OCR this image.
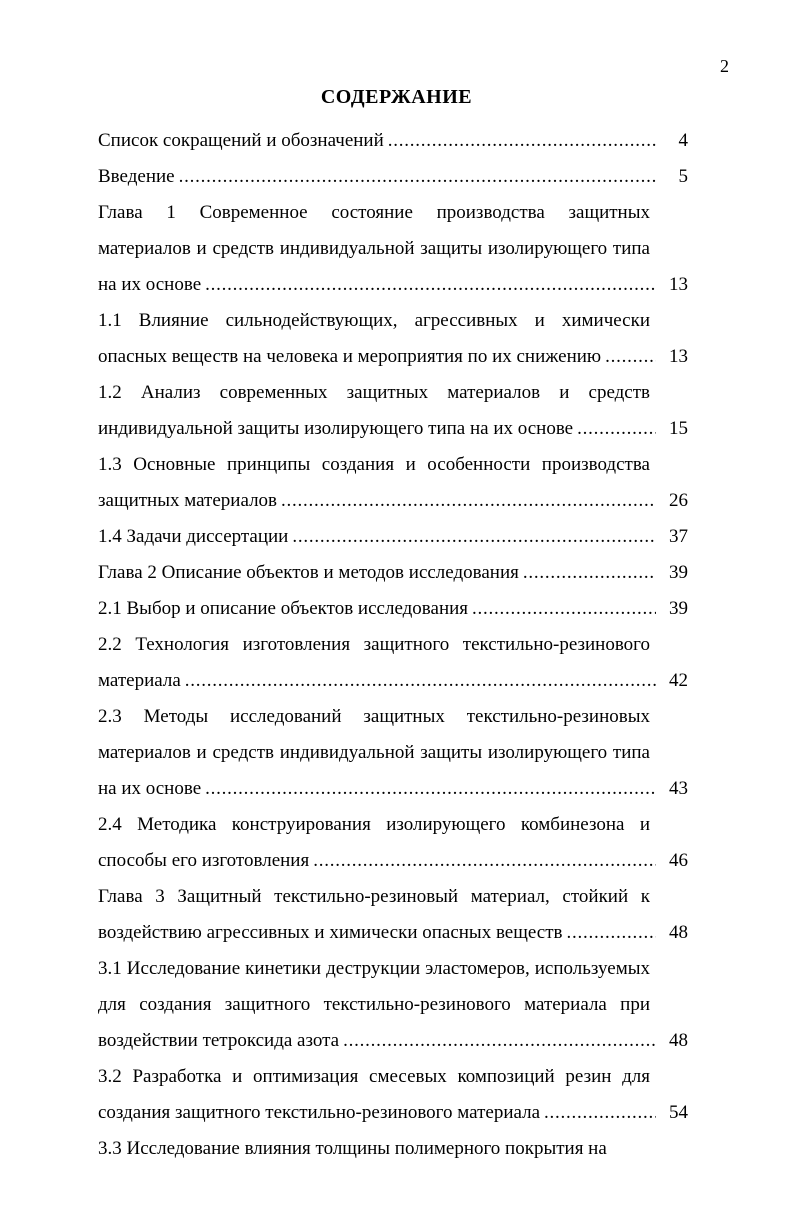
2
СОДЕРЖАНИЕ
Список сокращений и обозначений . . .	4
Введение . . .	5
Глава 1 Современное состояние производства защитных
материалов и средств индивидуальной защиты изолирующего типа
на их основе . . .	13
1.1 Влияние сильнодействующих, агрессивных и химически
опасных веществ на человека и мероприятия по их снижению . . .	13
1.2 Анализ современных защитных материалов и средств
индивидуальной защиты изолирующего типа на их основе . . .	15
1.3 Основные принципы создания и особенности производства
защитных материалов . . .	26
1.4 Задачи диссертации . . .	37
Глава 2 Описание объектов и методов исследования . . .	39
2.1 Выбор и описание объектов исследования . . .	39
2.2 Технология изготовления защитного текстильно-резинового
материала . . .	42
2.3 Методы исследований защитных текстильно-резиновых
материалов и средств индивидуальной защиты изолирующего типа
на их основе . . .	43
2.4 Методика конструирования изолирующего комбинезона и
способы его изготовления . . .	46
Глава 3 Защитный текстильно-резиновый материал, стойкий к
воздействию агрессивных и химически опасных веществ . . .	48
3.1 Исследование кинетики деструкции эластомеров, используемых
для создания защитного текстильно-резинового материала при
воздействии тетроксида азота . . .	48
3.2 Разработка и оптимизация смесевых композиций резин для
создания защитного текстильно-резинового материала . . .	54
3.3 Исследование влияния толщины полимерного покрытия на
